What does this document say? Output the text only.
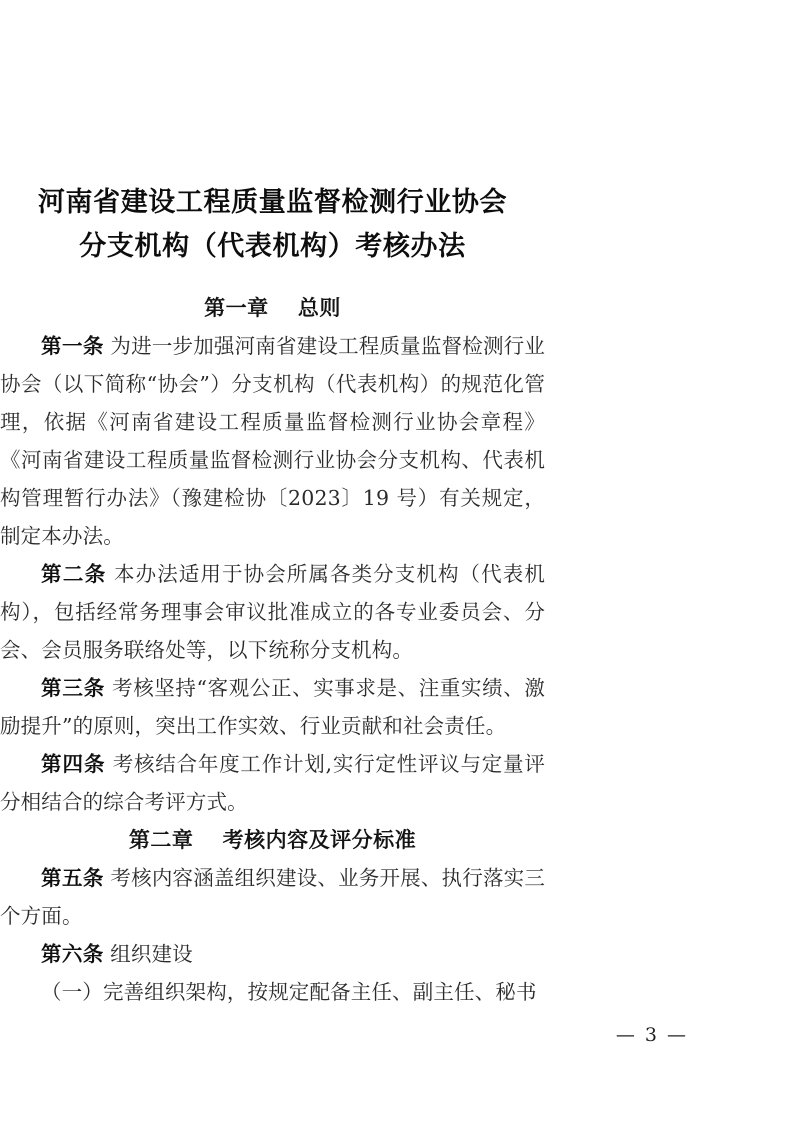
河南省建设工程质量监督检测行业协会
分支机构（代表机构）考核办法
第一章　 总则

第一条 为进一步加强河南省建设工程质量监督检测行业协会（以下简称“协会”）分支机构（代表机构）的规范化管理，依据《河南省建设工程质量监督检测行业协会章程》《河南省建设工程质量监督检测行业协会分支机构、代表机构管理暂行办法》（豫建检协〔2023〕19 号）有关规定，制定本办法。

第二条 本办法适用于协会所属各类分支机构（代表机构），包括经常务理事会审议批准成立的各专业委员会、分会、会员服务联络处等，以下统称分支机构。

第三条 考核坚持“客观公正、实事求是、注重实绩、激励提升”的原则，突出工作实效、行业贡献和社会责任。

第四条 考核结合年度工作计划,实行定性评议与定量评分相结合的综合考评方式。

第二章　 考核内容及评分标准

第五条 考核内容涵盖组织建设、业务开展、执行落实三个方面。

第六条 组织建设

（一）完善组织架构，按规定配备主任、副主任、秘书

— 3 —
